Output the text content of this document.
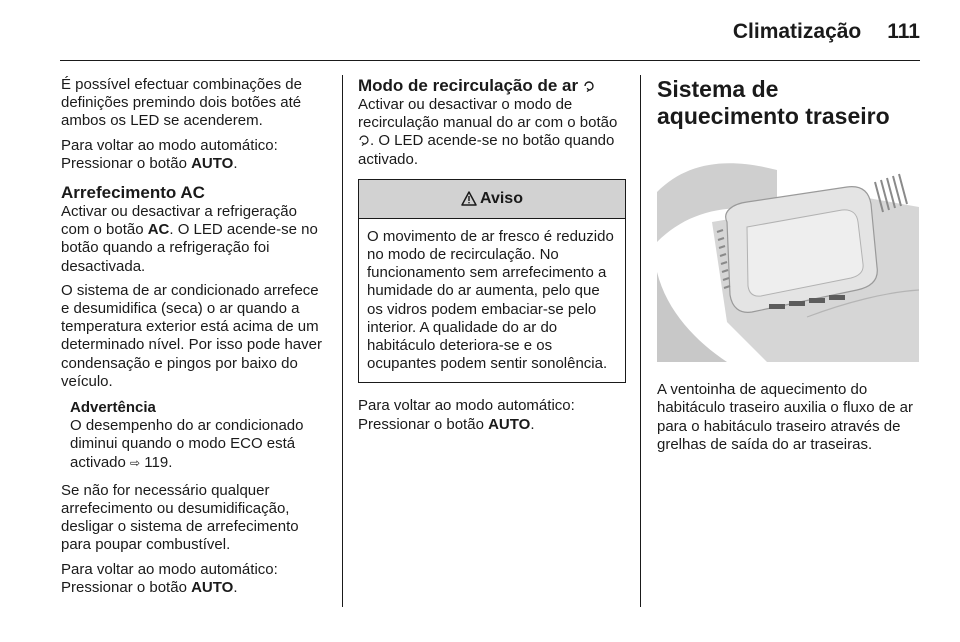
Climatização 111

É possível efectuar combinações de definições premindo dois botões até ambos os LED se acenderem.

Para voltar ao modo automático: Pressionar o botão AUTO.

Arrefecimento AC

Activar ou desactivar a refrigeração com o botão AC. O LED acende-se no botão quando a refrigeração foi desactivada.

O sistema de ar condicionado arrefece e desumidifica (seca) o ar quando a temperatura exterior está acima de um determinado nível. Por isso pode haver condensação e pingos por baixo do veículo.

Advertência
O desempenho do ar condicionado diminui quando o modo ECO está activado ⇨ 119.

Se não for necessário qualquer arrefecimento ou desumidificação, desligar o sistema de arrefecimento para poupar combustível.

Para voltar ao modo automático: Pressionar o botão AUTO.

Modo de recirculação de ar

Activar ou desactivar o modo de recirculação manual do ar com o botão . O LED acende-se no botão quando activado.

Aviso
O movimento de ar fresco é reduzido no modo de recirculação. No funcionamento sem arrefecimento a humidade do ar aumenta, pelo que os vidros podem embaciar-se pelo interior. A qualidade do ar do habitáculo deteriora-se e os ocupantes podem sentir sonolência.

Para voltar ao modo automático: Pressionar o botão AUTO.

Sistema de aquecimento traseiro

A ventoinha de aquecimento do habitáculo traseiro auxilia o fluxo de ar para o habitáculo traseiro através de grelhas de saída do ar traseiras.
